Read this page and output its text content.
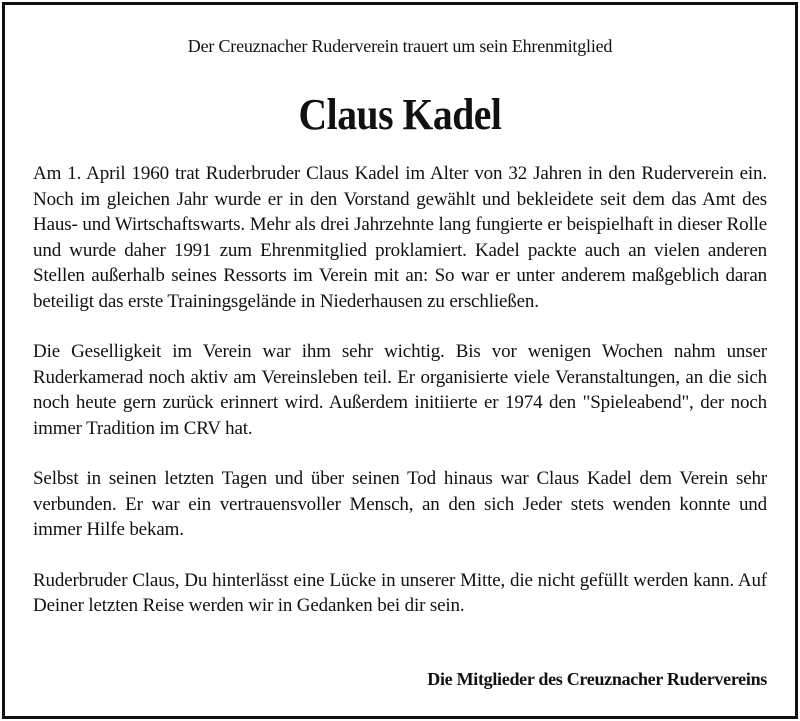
Der Creuznacher Ruderverein trauert um sein Ehrenmitglied
Claus Kadel

Am 1. April 1960 trat Ruderbruder Claus Kadel im Alter von 32 Jahren in den Ruderverein ein. Noch im gleichen Jahr wurde er in den Vorstand gewählt und bekleidete seit dem das Amt des Haus- und Wirtschaftswarts. Mehr als drei Jahrzehnte lang fungierte er beispielhaft in dieser Rolle und wurde daher 1991 zum Ehrenmitglied proklamiert. Kadel packte auch an vielen anderen Stellen außerhalb seines Ressorts im Verein mit an: So war er unter anderem maßgeblich daran beteiligt das erste Trainingsgelände in Niederhausen zu erschließen.

Die Geselligkeit im Verein war ihm sehr wichtig. Bis vor wenigen Wochen nahm unser Ruderkamerad noch aktiv am Vereinsleben teil. Er organisierte viele Veranstaltungen, an die sich noch heute gern zurück erinnert wird. Außerdem initiierte er 1974 den "Spieleabend", der noch immer Tradition im CRV hat.

Selbst in seinen letzten Tagen und über seinen Tod hinaus war Claus Kadel dem Verein sehr verbunden. Er war ein vertrauensvoller Mensch, an den sich Jeder stets wenden konnte und immer Hilfe bekam.

Ruderbruder Claus, Du hinterlässt eine Lücke in unserer Mitte, die nicht gefüllt werden kann. Auf Deiner letzten Reise werden wir in Gedanken bei dir sein.

Die Mitglieder des Creuznacher Rudervereins
